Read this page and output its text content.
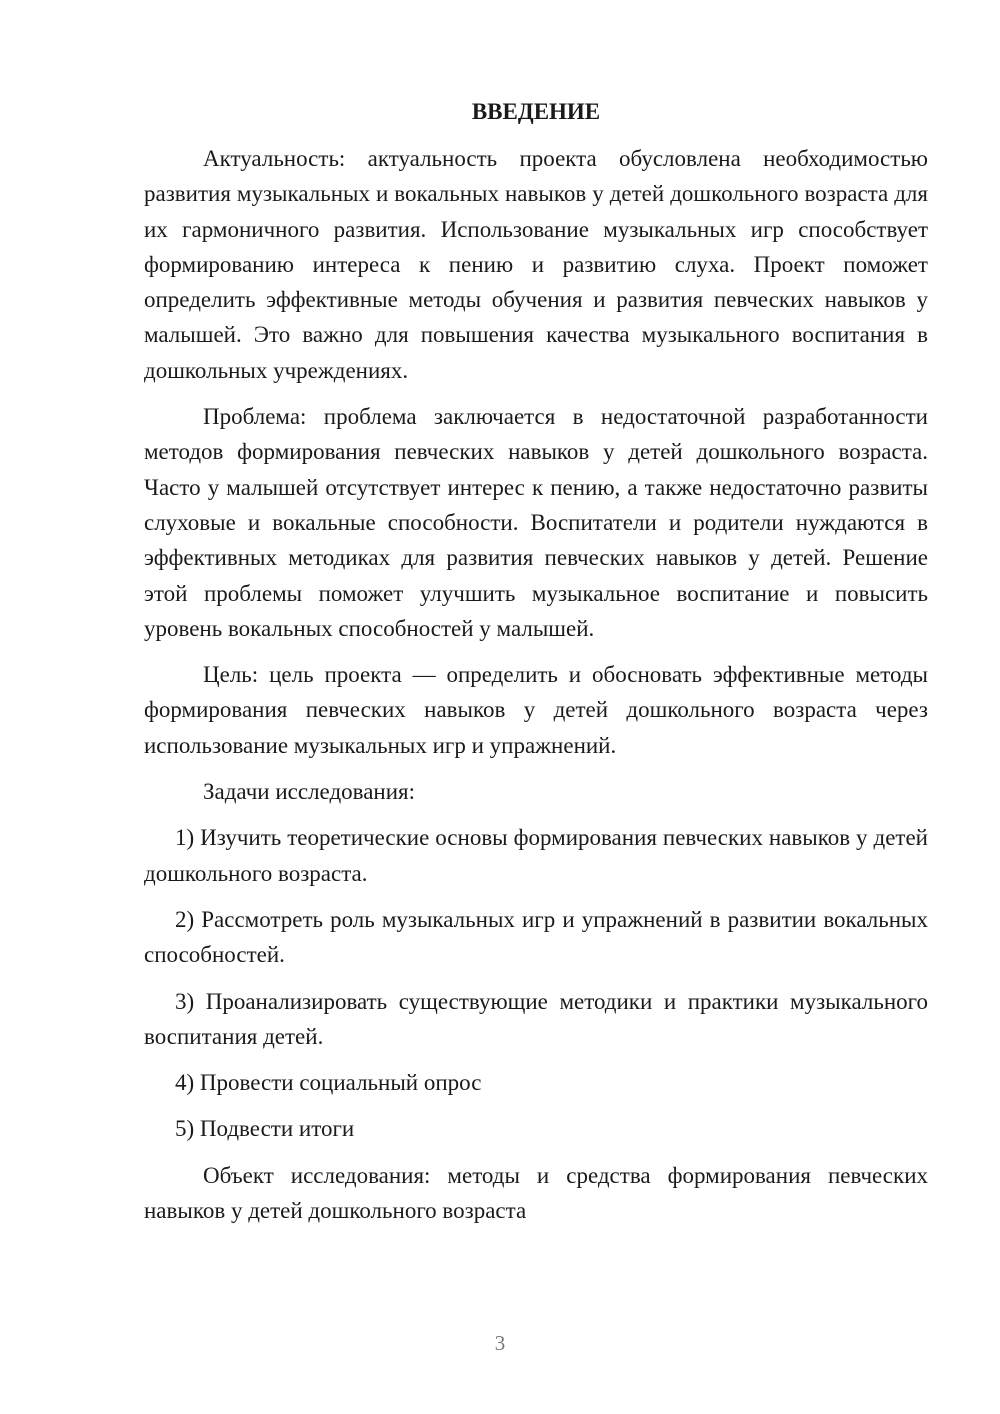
ВВЕДЕНИЕ

Актуальность: актуальность проекта обусловлена необходимостью развития музыкальных и вокальных навыков у детей дошкольного возраста для их гармоничного развития. Использование музыкальных игр способствует формированию интереса к пению и развитию слуха. Проект поможет определить эффективные методы обучения и развития певческих навыков у малышей. Это важно для повышения качества музыкального воспитания в дошкольных учреждениях.

Проблема: проблема заключается в недостаточной разработанности методов формирования певческих навыков у детей дошкольного возраста. Часто у малышей отсутствует интерес к пению, а также недостаточно развиты слуховые и вокальные способности. Воспитатели и родители нуждаются в эффективных методиках для развития певческих навыков у детей. Решение этой проблемы поможет улучшить музыкальное воспитание и повысить уровень вокальных способностей у малышей.

Цель: цель проекта — определить и обосновать эффективные методы формирования певческих навыков у детей дошкольного возраста через использование музыкальных игр и упражнений.

Задачи исследования:

1) Изучить теоретические основы формирования певческих навыков у детей дошкольного возраста.

2) Рассмотреть роль музыкальных игр и упражнений в развитии вокальных способностей.

3) Проанализировать существующие методики и практики музыкального воспитания детей.

4) Провести социальный опрос

5) Подвести итоги

Объект исследования: методы и средства формирования певческих навыков у детей дошкольного возраста

3
